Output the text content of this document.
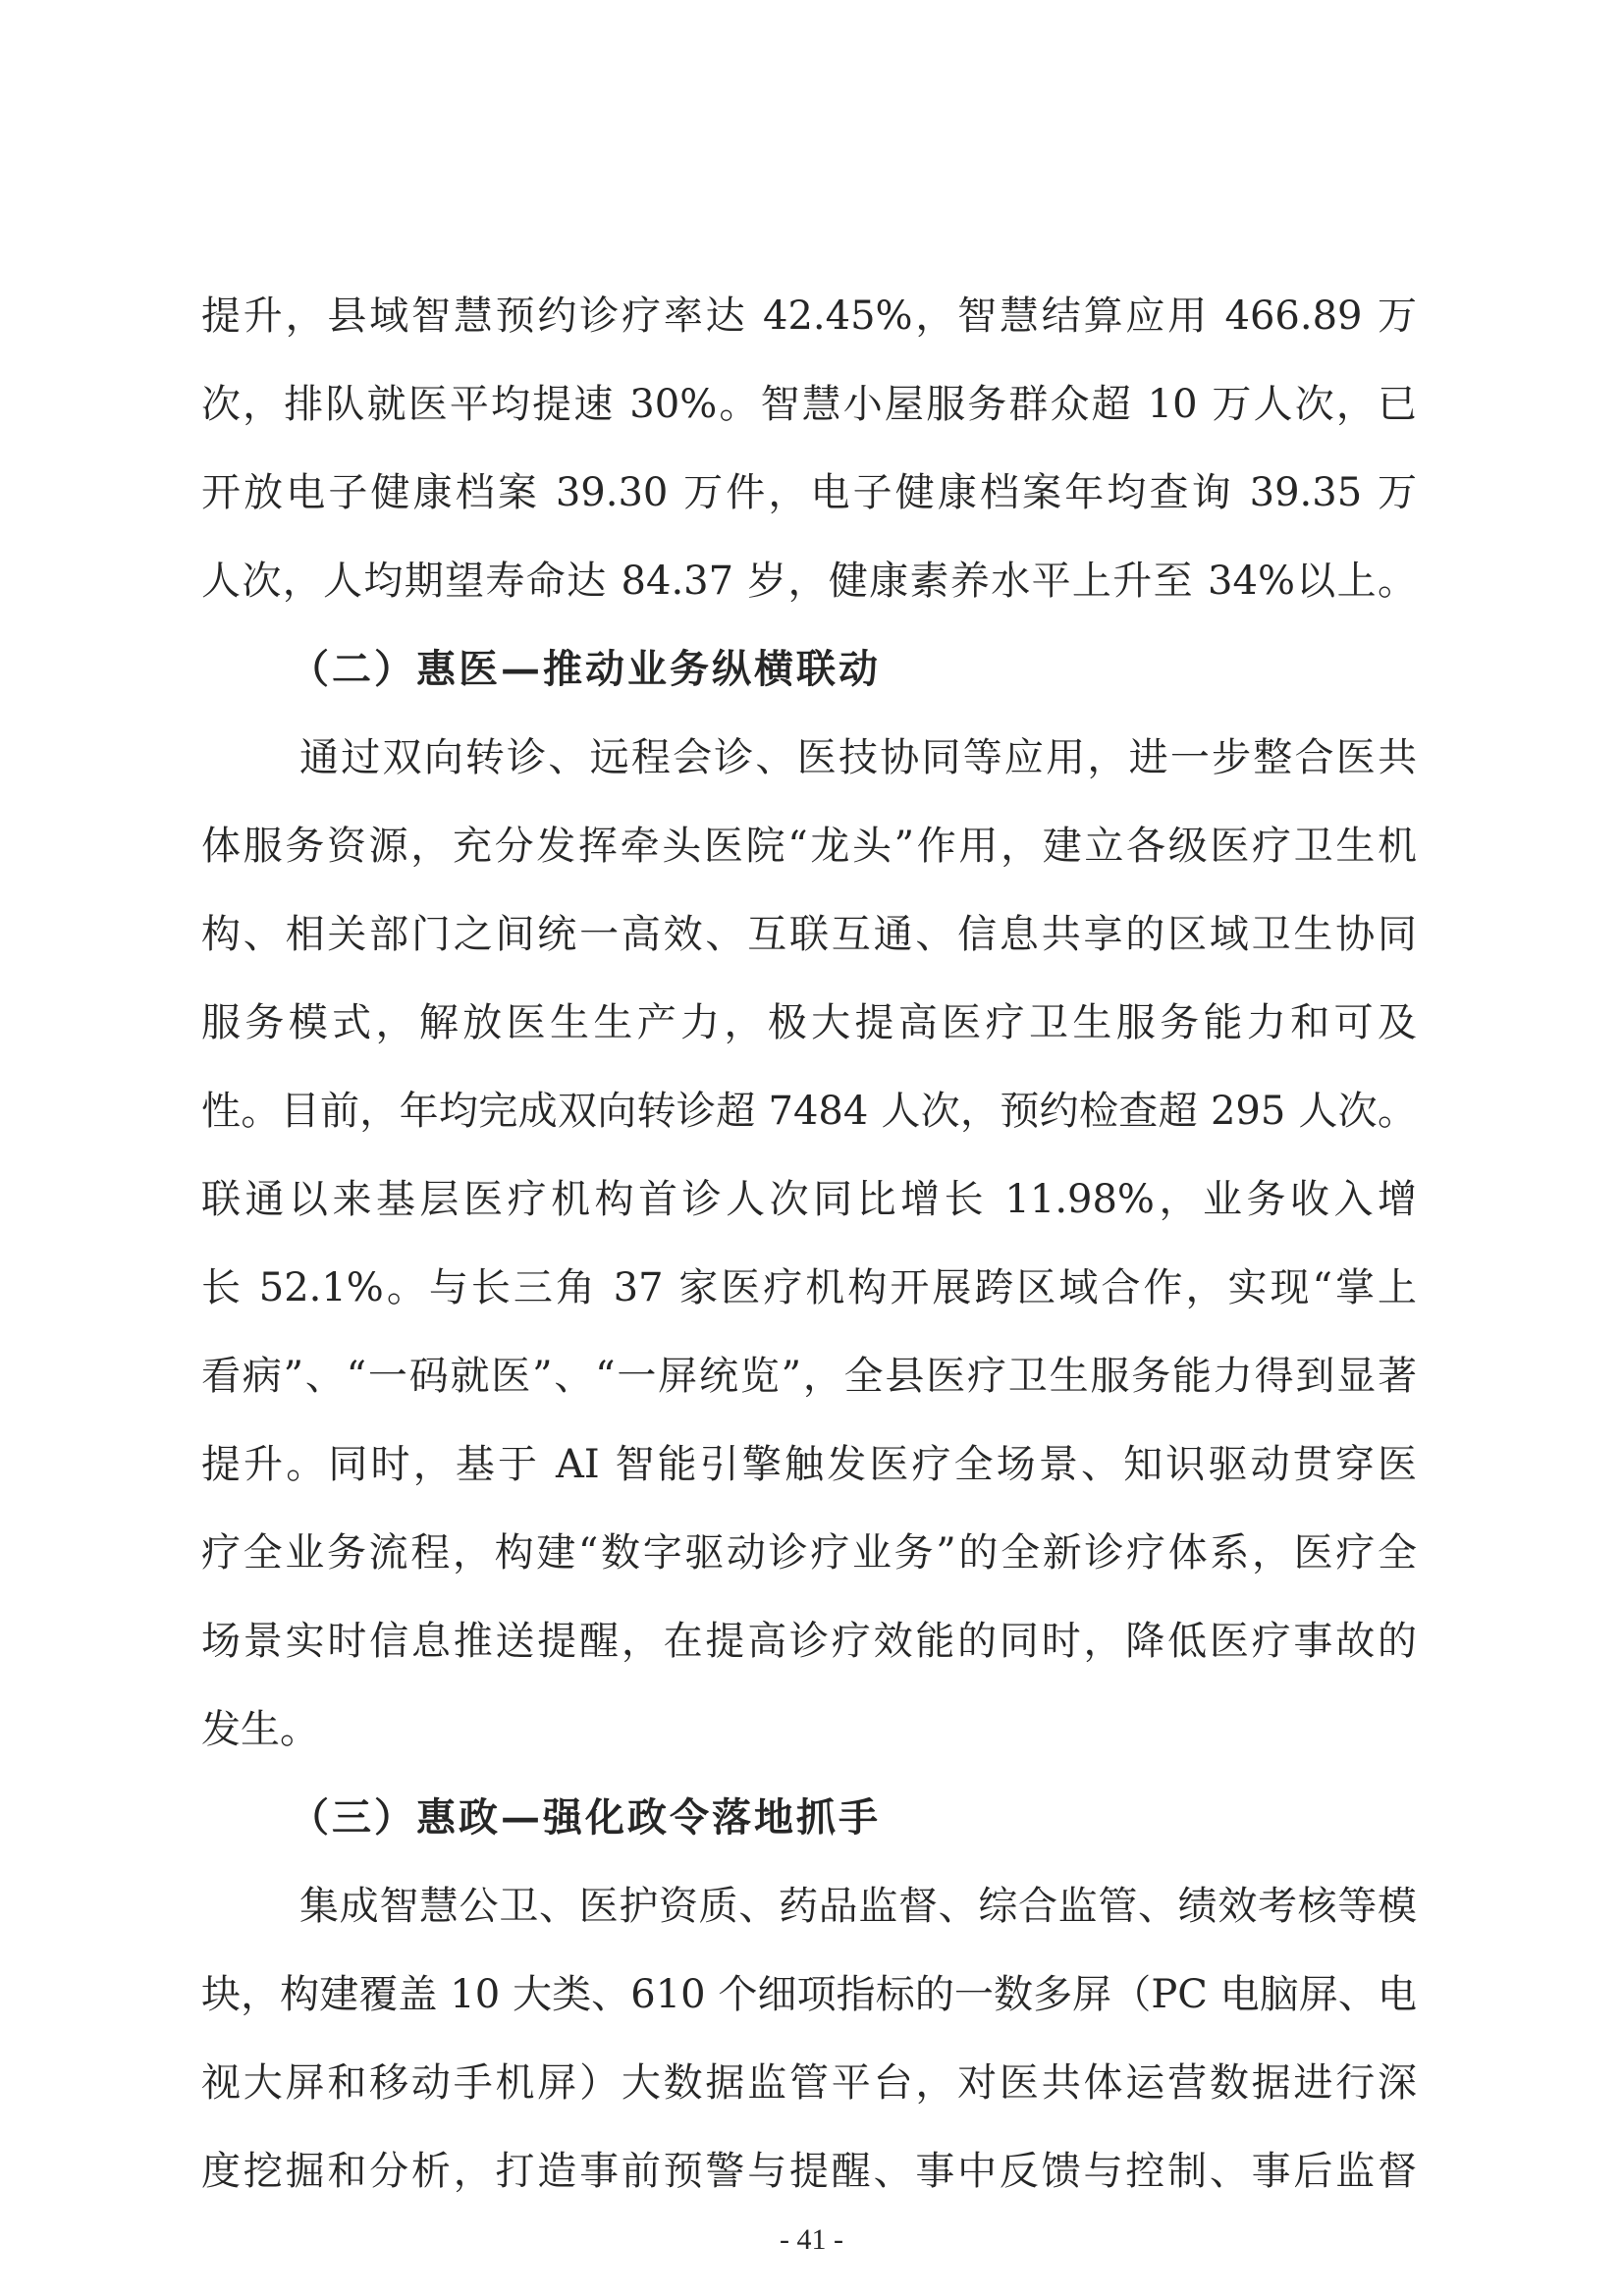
提升，县域智慧预约诊疗率达 42.45%，智慧结算应用 466.89 万
次，排队就医平均提速 30%。智慧小屋服务群众超 10 万人次，已
开放电子健康档案 39.30 万件，电子健康档案年均查询 39.35 万
人次，人均期望寿命达 84.37 岁，健康素养水平上升至 34%以上。
（二）惠医—推动业务纵横联动
通过双向转诊、远程会诊、医技协同等应用，进一步整合医共
体服务资源，充分发挥牵头医院“龙头”作用，建立各级医疗卫生机
构、相关部门之间统一高效、互联互通、信息共享的区域卫生协同
服务模式，解放医生生产力，极大提高医疗卫生服务能力和可及
性。目前，年均完成双向转诊超 7484 人次，预约检查超 295 人次。
联通以来基层医疗机构首诊人次同比增长 11.98%，业务收入增
长 52.1%。与长三角 37 家医疗机构开展跨区域合作，实现“掌上
看病”、“一码就医”、“一屏统览”，全县医疗卫生服务能力得到显著
提升。同时，基于 AI 智能引擎触发医疗全场景、知识驱动贯穿医
疗全业务流程，构建“数字驱动诊疗业务”的全新诊疗体系，医疗全
场景实时信息推送提醒，在提高诊疗效能的同时，降低医疗事故的
发生。
（三）惠政—强化政令落地抓手
集成智慧公卫、医护资质、药品监督、综合监管、绩效考核等模
块，构建覆盖 10 大类、610 个细项指标的一数多屏（PC 电脑屏、电
视大屏和移动手机屏）大数据监管平台，对医共体运营数据进行深
度挖掘和分析，打造事前预警与提醒、事中反馈与控制、事后监督
- 41 -
